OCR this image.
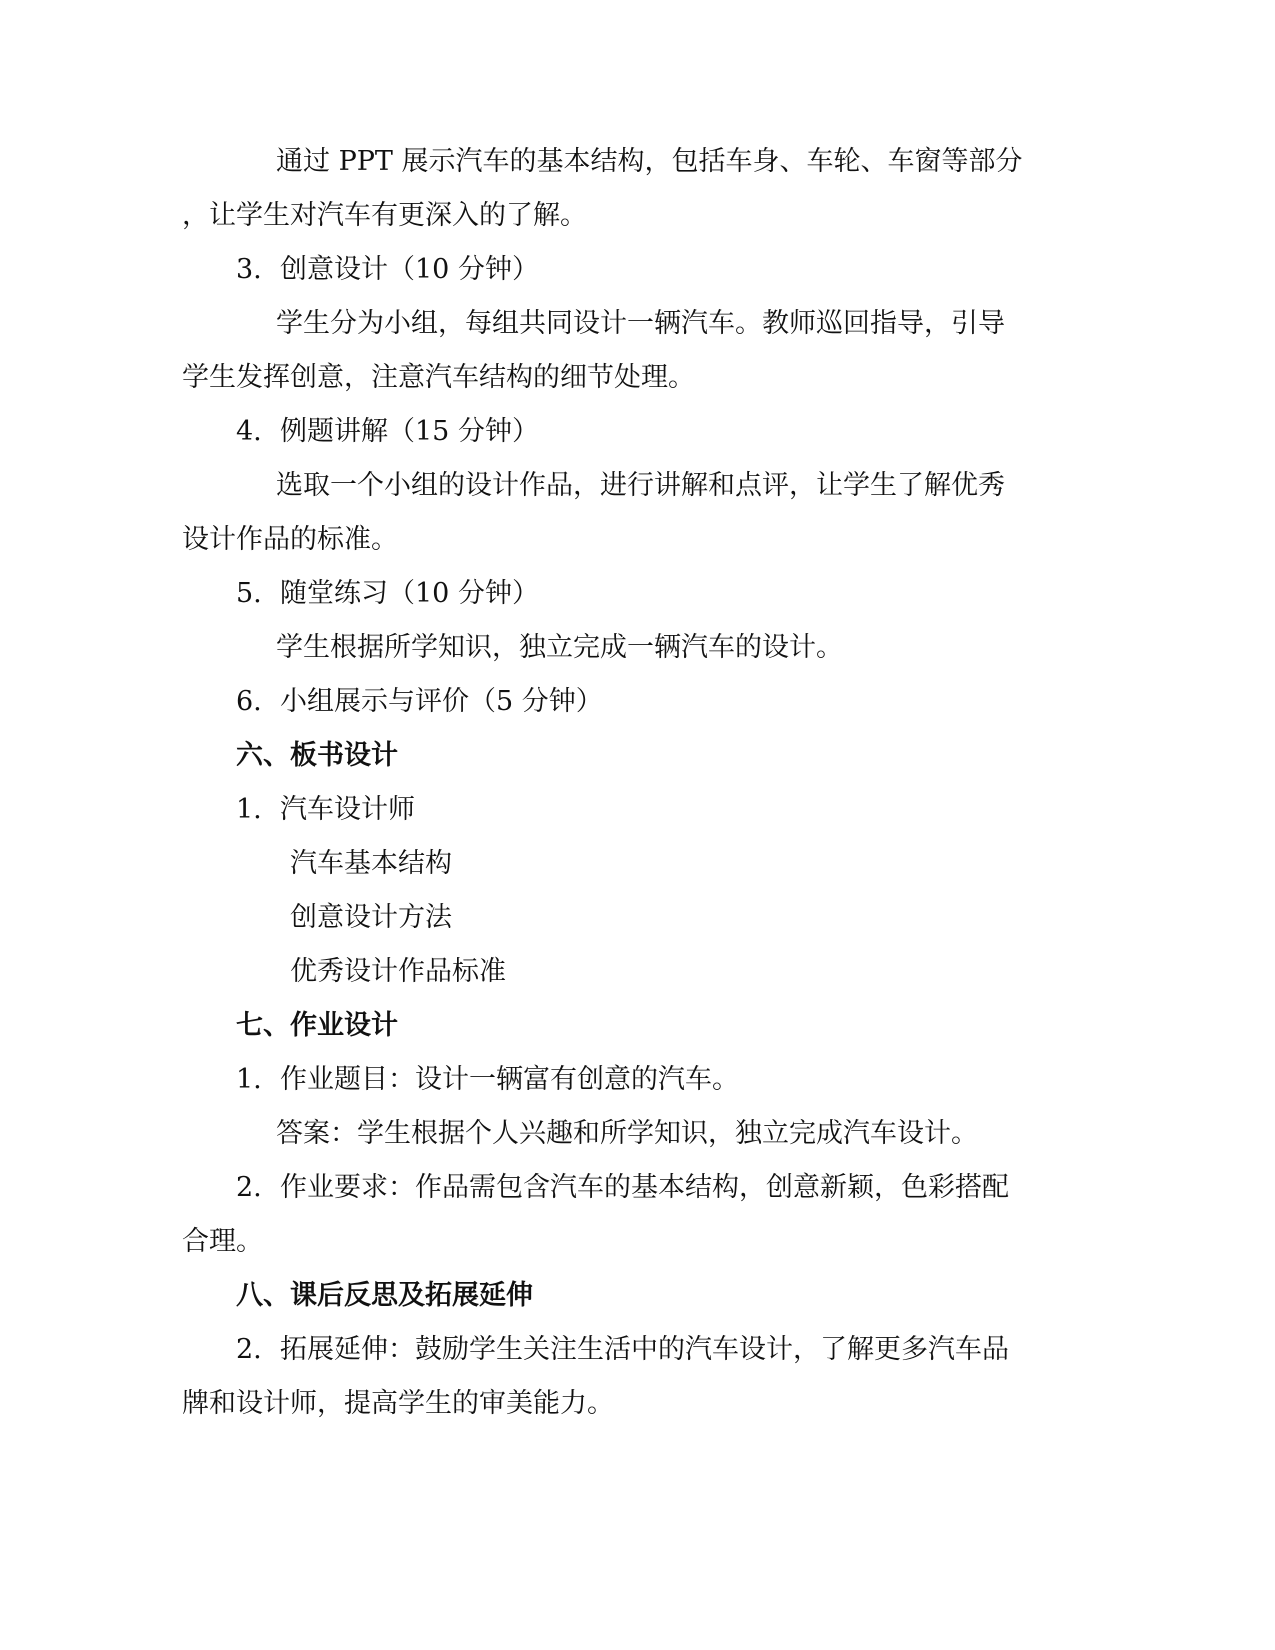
通过 PPT 展示汽车的基本结构，包括车身、车轮、车窗等部分
，让学生对汽车有更深入的了解。
3. 创意设计（10 分钟）
学生分为小组，每组共同设计一辆汽车。教师巡回指导，引导
学生发挥创意，注意汽车结构的细节处理。
4. 例题讲解（15 分钟）
选取一个小组的设计作品，进行讲解和点评，让学生了解优秀
设计作品的标准。
5. 随堂练习（10 分钟）
学生根据所学知识，独立完成一辆汽车的设计。
6. 小组展示与评价（5 分钟）
六、板书设计
1. 汽车设计师
汽车基本结构
创意设计方法
优秀设计作品标准
七、作业设计
1. 作业题目：设计一辆富有创意的汽车。
答案：学生根据个人兴趣和所学知识，独立完成汽车设计。
2. 作业要求：作品需包含汽车的基本结构，创意新颖，色彩搭配
合理。
八、课后反思及拓展延伸
2. 拓展延伸：鼓励学生关注生活中的汽车设计，了解更多汽车品
牌和设计师，提高学生的审美能力。
